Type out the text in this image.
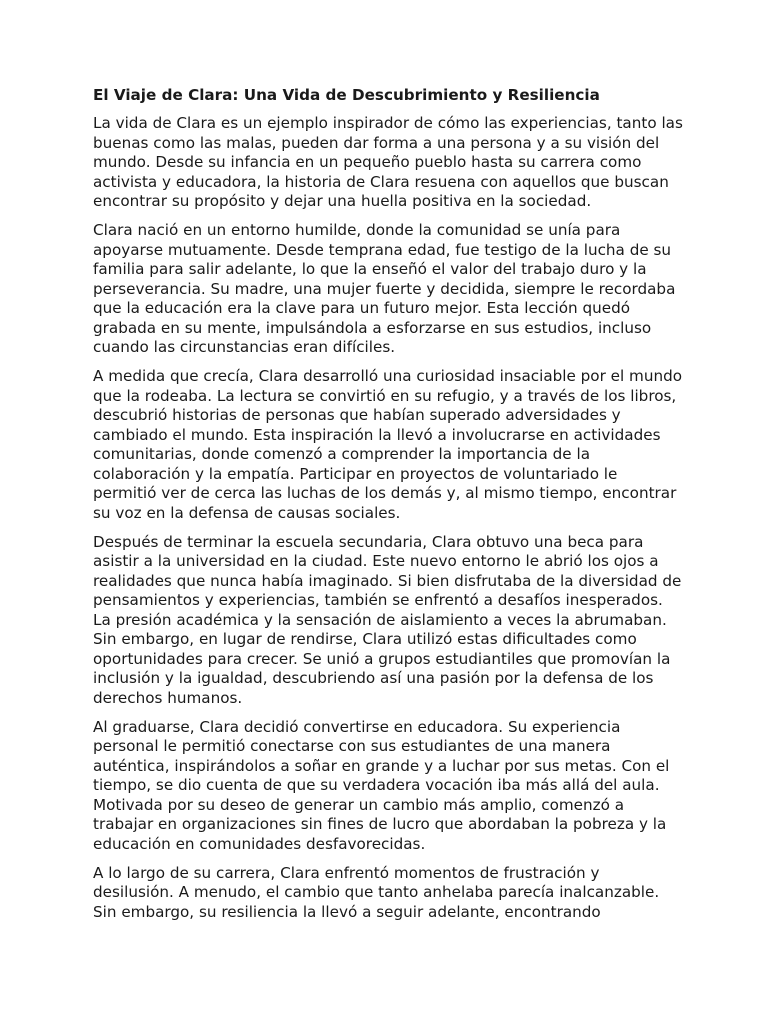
El Viaje de Clara: Una Vida de Descubrimiento y Resiliencia

La vida de Clara es un ejemplo inspirador de cómo las experiencias, tanto las buenas como las malas, pueden dar forma a una persona y a su visión del mundo. Desde su infancia en un pequeño pueblo hasta su carrera como activista y educadora, la historia de Clara resuena con aquellos que buscan encontrar su propósito y dejar una huella positiva en la sociedad.

Clara nació en un entorno humilde, donde la comunidad se unía para apoyarse mutuamente. Desde temprana edad, fue testigo de la lucha de su familia para salir adelante, lo que la enseñó el valor del trabajo duro y la perseverancia. Su madre, una mujer fuerte y decidida, siempre le recordaba que la educación era la clave para un futuro mejor. Esta lección quedó grabada en su mente, impulsándola a esforzarse en sus estudios, incluso cuando las circunstancias eran difíciles.

A medida que crecía, Clara desarrolló una curiosidad insaciable por el mundo que la rodeaba. La lectura se convirtió en su refugio, y a través de los libros, descubrió historias de personas que habían superado adversidades y cambiado el mundo. Esta inspiración la llevó a involucrarse en actividades comunitarias, donde comenzó a comprender la importancia de la colaboración y la empatía. Participar en proyectos de voluntariado le permitió ver de cerca las luchas de los demás y, al mismo tiempo, encontrar su voz en la defensa de causas sociales.

Después de terminar la escuela secundaria, Clara obtuvo una beca para asistir a la universidad en la ciudad. Este nuevo entorno le abrió los ojos a realidades que nunca había imaginado. Si bien disfrutaba de la diversidad de pensamientos y experiencias, también se enfrentó a desafíos inesperados. La presión académica y la sensación de aislamiento a veces la abrumaban. Sin embargo, en lugar de rendirse, Clara utilizó estas dificultades como oportunidades para crecer. Se unió a grupos estudiantiles que promovían la inclusión y la igualdad, descubriendo así una pasión por la defensa de los derechos humanos.

Al graduarse, Clara decidió convertirse en educadora. Su experiencia personal le permitió conectarse con sus estudiantes de una manera auténtica, inspirándolos a soñar en grande y a luchar por sus metas. Con el tiempo, se dio cuenta de que su verdadera vocación iba más allá del aula. Motivada por su deseo de generar un cambio más amplio, comenzó a trabajar en organizaciones sin fines de lucro que abordaban la pobreza y la educación en comunidades desfavorecidas.

A lo largo de su carrera, Clara enfrentó momentos de frustración y desilusión. A menudo, el cambio que tanto anhelaba parecía inalcanzable. Sin embargo, su resiliencia la llevó a seguir adelante, encontrando
